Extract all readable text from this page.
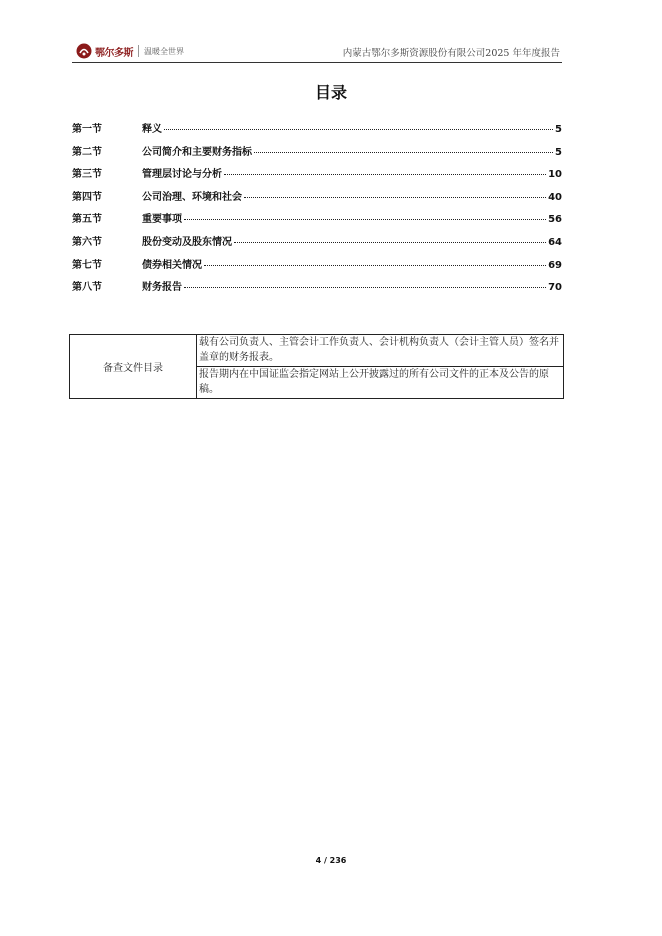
鄂尔多斯 温暖全世界	内蒙古鄂尔多斯资源股份有限公司2025 年年度报告
目录
第一节	释义	5
第二节	公司简介和主要财务指标	5
第三节	管理层讨论与分析	10
第四节	公司治理、环境和社会	40
第五节	重要事项	56
第六节	股份变动及股东情况	64
第七节	债券相关情况	69
第八节	财务报告	70
备查文件目录	载有公司负责人、主管会计工作负责人、会计机构负责人（会计主管人员）签名并盖章的财务报表。
报告期内在中国证监会指定网站上公开披露过的所有公司文件的正本及公告的原稿。
4 / 236
